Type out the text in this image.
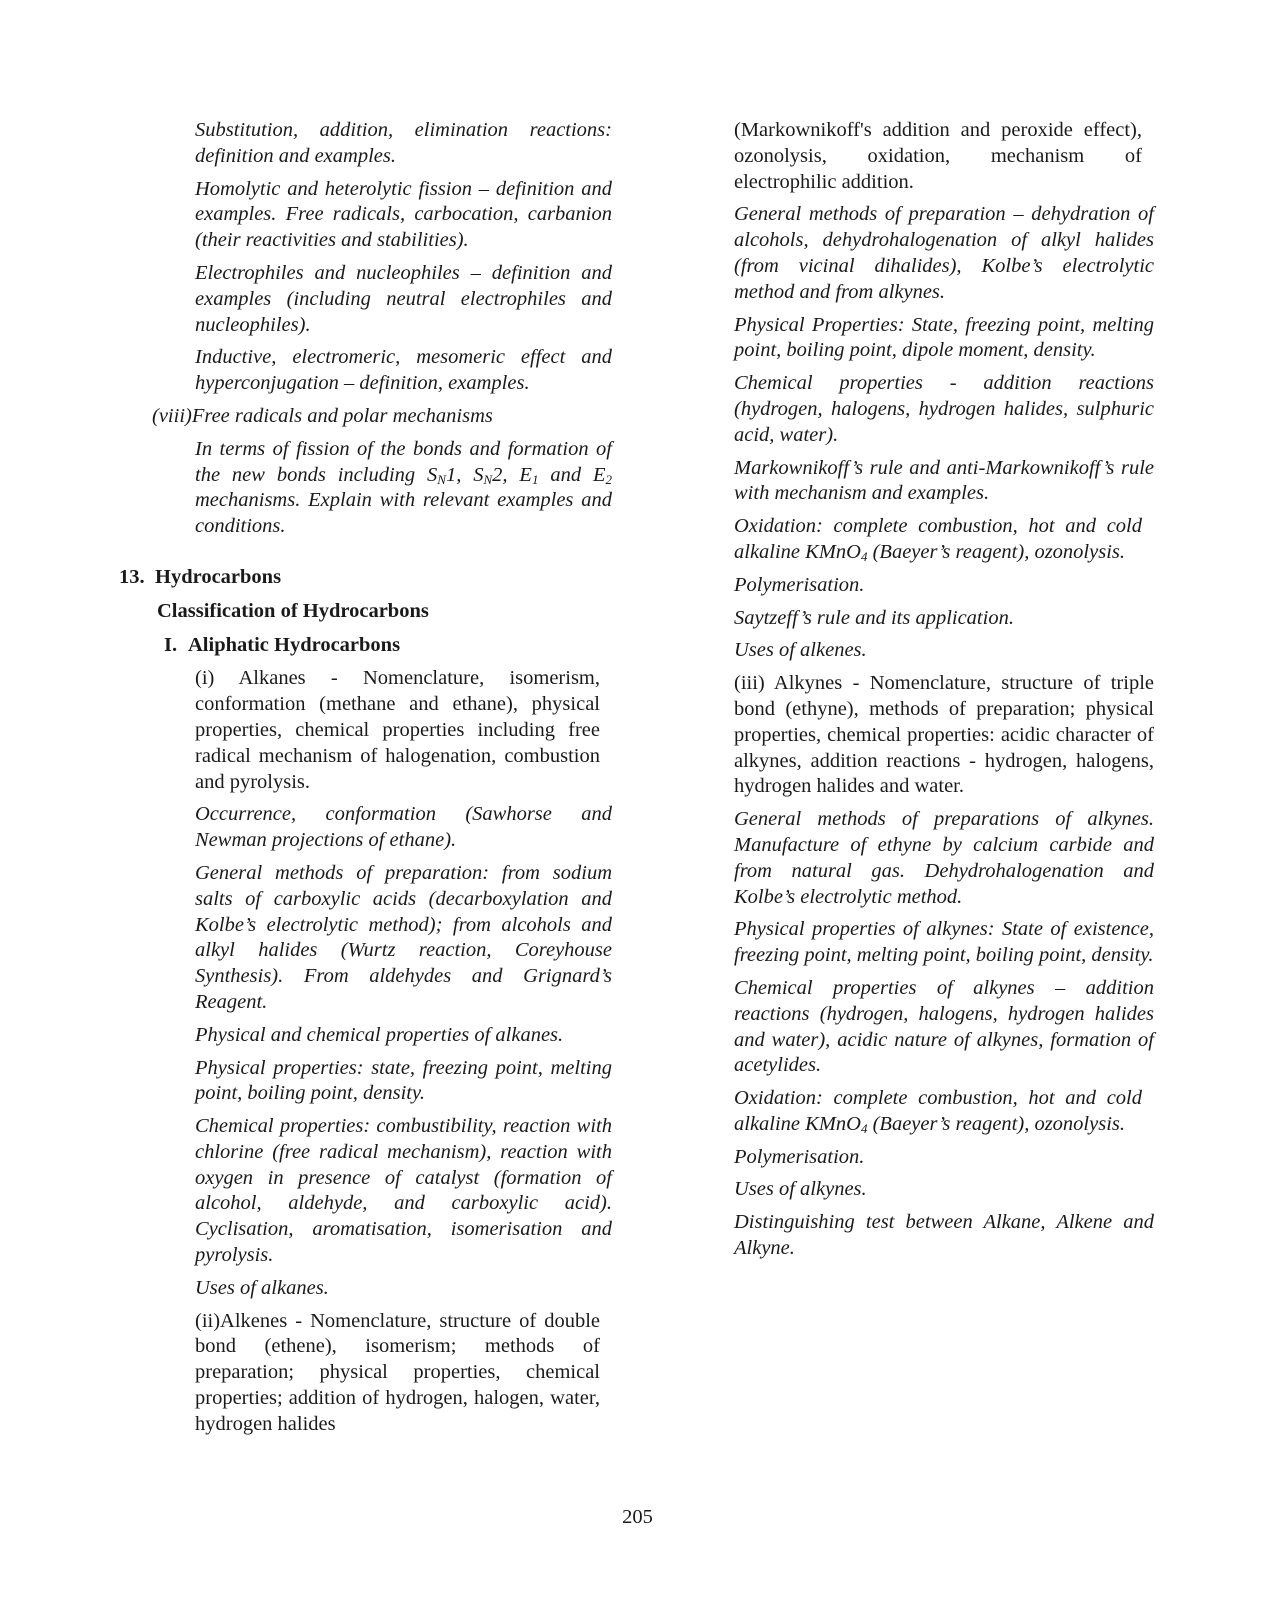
Substitution, addition, elimination reactions: definition and examples.

Homolytic and heterolytic fission – definition and examples. Free radicals, carbocation, carbanion (their reactivities and stabilities).

Electrophiles and nucleophiles – definition and examples (including neutral electrophiles and nucleophiles).

Inductive, electromeric, mesomeric effect and hyperconjugation – definition, examples.

(viii)Free radicals and polar mechanisms

In terms of fission of the bonds and formation of the new bonds including $S_N1$, $S_N2$, $E_1$ and $E_2$ mechanisms. Explain with relevant examples and conditions.

13. Hydrocarbons

Classification of Hydrocarbons

I. Aliphatic Hydrocarbons

(i) Alkanes - Nomenclature, isomerism, conformation (methane and ethane), physical properties, chemical properties including free radical mechanism of halogenation, combustion and pyrolysis.

Occurrence, conformation (Sawhorse and Newman projections of ethane).

General methods of preparation: from sodium salts of carboxylic acids (decarboxylation and Kolbe’s electrolytic method); from alcohols and alkyl halides (Wurtz reaction, Coreyhouse Synthesis). From aldehydes and Grignard’s Reagent.

Physical and chemical properties of alkanes.

Physical properties: state, freezing point, melting point, boiling point, density.

Chemical properties: combustibility, reaction with chlorine (free radical mechanism), reaction with oxygen in presence of catalyst (formation of alcohol, aldehyde, and carboxylic acid). Cyclisation, aromatisation, isomerisation and pyrolysis.

Uses of alkanes.

(ii)Alkenes - Nomenclature, structure of double bond (ethene), isomerism; methods of preparation; physical properties, chemical properties; addition of hydrogen, halogen, water, hydrogen halides

(Markownikoff's addition and peroxide effect), ozonolysis, oxidation, mechanism of electrophilic addition.

General methods of preparation – dehydration of alcohols, dehydrohalogenation of alkyl halides (from vicinal dihalides), Kolbe’s electrolytic method and from alkynes.

Physical Properties: State, freezing point, melting point, boiling point, dipole moment, density.

Chemical properties - addition reactions (hydrogen, halogens, hydrogen halides, sulphuric acid, water).

Markownikoff’s rule and anti-Markownikoff’s rule with mechanism and examples.

Oxidation: complete combustion, hot and cold alkaline KMnO$_4$ (Baeyer’s reagent), ozonolysis.

Polymerisation.

Saytzeff’s rule and its application.

Uses of alkenes.

(iii) Alkynes - Nomenclature, structure of triple bond (ethyne), methods of preparation; physical properties, chemical properties: acidic character of alkynes, addition reactions - hydrogen, halogens, hydrogen halides and water.

General methods of preparations of alkynes. Manufacture of ethyne by calcium carbide and from natural gas. Dehydrohalogenation and Kolbe’s electrolytic method.

Physical properties of alkynes: State of existence, freezing point, melting point, boiling point, density.

Chemical properties of alkynes – addition reactions (hydrogen, halogens, hydrogen halides and water), acidic nature of alkynes, formation of acetylides.

Oxidation: complete combustion, hot and cold alkaline KMnO$_4$ (Baeyer’s reagent), ozonolysis.

Polymerisation.

Uses of alkynes.

Distinguishing test between Alkane, Alkene and Alkyne.

205
